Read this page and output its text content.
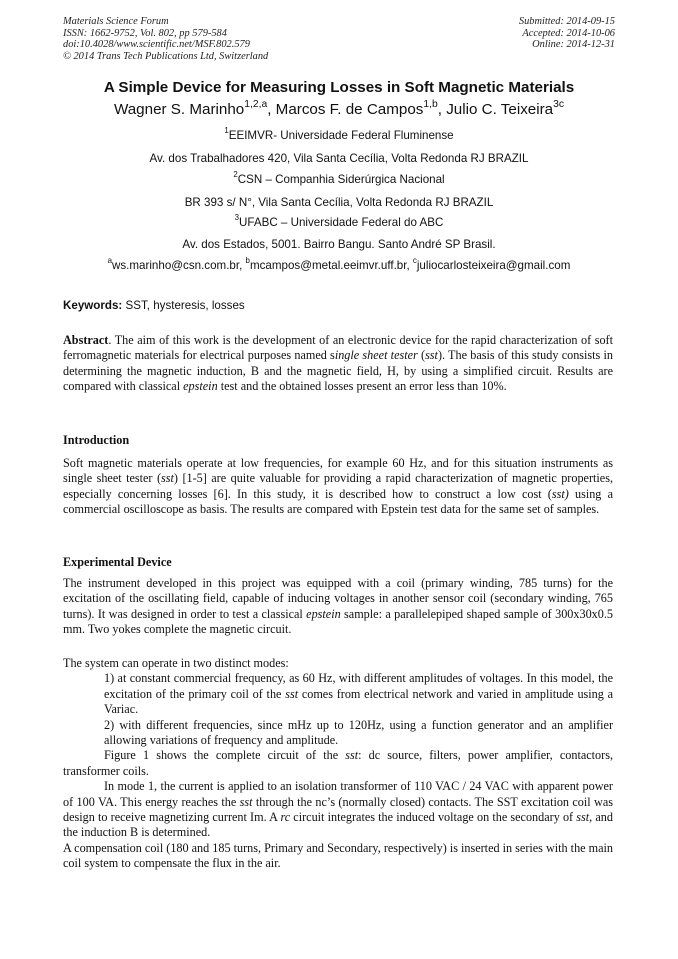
Materials Science Forum
ISSN: 1662-9752, Vol. 802, pp 579-584
doi:10.4028/www.scientific.net/MSF.802.579
© 2014 Trans Tech Publications Ltd, Switzerland
Submitted: 2014-09-15
Accepted: 2014-10-06
Online: 2014-12-31
A Simple Device for Measuring Losses in Soft Magnetic Materials
Wagner S. Marinho$^{1,2,a}$, Marcos F. de Campos$^{1,b}$, Julio C. Teixeira$^{3c}$
$^1$EEIMVR- Universidade Federal Fluminense
Av. dos Trabalhadores 420, Vila Santa Cecília, Volta Redonda RJ BRAZIL
$^2$CSN – Companhia Siderúrgica Nacional
BR 393 s/ N°, Vila Santa Cecília, Volta Redonda RJ BRAZIL
$^3$UFABC – Universidade Federal do ABC
Av. dos Estados, 5001. Bairro Bangu. Santo André SP Brasil.
$^a$ws.marinho@csn.com.br, $^b$mcampos@metal.eeimvr.uff.br, $^c$juliocarlosteixeira@gmail.com
Keywords: SST, hysteresis, losses
Abstract. The aim of this work is the development of an electronic device for the rapid characterization of soft ferromagnetic materials for electrical purposes named single sheet tester (sst). The basis of this study consists in determining the magnetic induction, B and the magnetic field, H, by using a simplified circuit. Results are compared with classical epstein test and the obtained losses present an error less than 10%.
Introduction
Soft magnetic materials operate at low frequencies, for example 60 Hz, and for this situation instruments as single sheet tester (sst) [1-5] are quite valuable for providing a rapid characterization of magnetic properties, especially concerning losses [6]. In this study, it is described how to construct a low cost (sst) using a commercial oscilloscope as basis. The results are compared with Epstein test data for the same set of samples.
Experimental Device
The instrument developed in this project was equipped with a coil (primary winding, 785 turns) for the excitation of the oscillating field, capable of inducing voltages in another sensor coil (secondary winding, 765 turns). It was designed in order to test a classical epstein sample: a parallelepiped shaped sample of 300x30x0.5 mm. Two yokes complete the magnetic circuit.

The system can operate in two distinct modes:

1) at constant commercial frequency, as 60 Hz, with different amplitudes of voltages. In this model, the excitation of the primary coil of the sst comes from electrical network and varied in amplitude using a Variac.

2) with different frequencies, since mHz up to 120Hz, using a function generator and an amplifier allowing variations of frequency and amplitude.

Figure 1 shows the complete circuit of the sst: dc source, filters, power amplifier, contactors, transformer coils.

In mode 1, the current is applied to an isolation transformer of 110 VAC / 24 VAC with apparent power of 100 VA. This energy reaches the sst through the nc’s (normally closed) contacts. The SST excitation coil was design to receive magnetizing current Im. A rc circuit integrates the induced voltage on the secondary of sst, and the induction B is determined.

A compensation coil (180 and 185 turns, Primary and Secondary, respectively) is inserted in series with the main coil system to compensate the flux in the air.
